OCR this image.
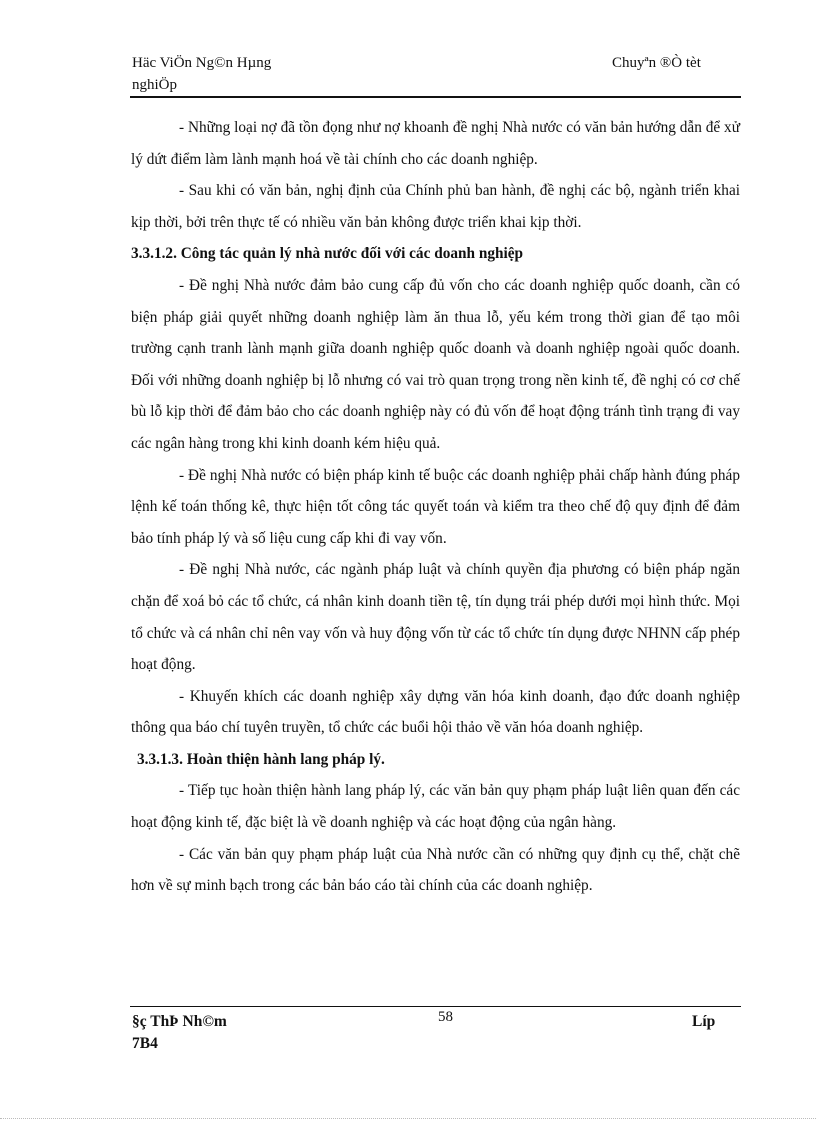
Häc ViÖn Ng©n Hµng
nghiÖp
Chuyªn ®Ò tèt

- Những loại nợ đã tồn đọng như nợ khoanh đề nghị Nhà nước có văn bản hướng dẫn để xử lý dứt điểm làm lành mạnh hoá về tài chính cho các doanh nghiệp.

- Sau khi có văn bản, nghị định của Chính phủ ban hành, đề nghị các bộ, ngành triển khai kịp thời, bởi trên thực tế có nhiều văn bản không được triển khai kịp thời.

3.3.1.2. Công tác quản lý nhà nước đối với các doanh nghiệp

- Đề nghị Nhà nước đảm bảo cung cấp đủ vốn cho các doanh nghiệp quốc doanh, cần có biện pháp giải quyết những doanh nghiệp làm ăn thua lỗ, yếu kém trong thời gian để tạo môi trường cạnh tranh lành mạnh giữa doanh nghiệp quốc doanh và doanh nghiệp ngoài quốc doanh. Đối với những doanh nghiệp bị lỗ nhưng có vai trò quan trọng trong nền kinh tế, đề nghị có cơ chế bù lỗ kịp thời để đảm bảo cho các doanh nghiệp này có đủ vốn để hoạt động tránh tình trạng đi vay các ngân hàng trong khi kinh doanh kém hiệu quả.

- Đề nghị Nhà nước có biện pháp kinh tế buộc các doanh nghiệp phải chấp hành đúng pháp lệnh kế toán thống kê, thực hiện tốt công tác quyết toán và kiểm tra theo chế độ quy định để đảm bảo tính pháp lý và số liệu cung cấp khi đi vay vốn.

- Đề nghị Nhà nước, các ngành pháp luật và chính quyền địa phương có biện pháp ngăn chặn để xoá bỏ các tổ chức, cá nhân kinh doanh tiền tệ, tín dụng trái phép dưới mọi hình thức. Mọi tổ chức và cá nhân chỉ nên vay vốn và huy động vốn từ các tổ chức tín dụng được NHNN cấp phép hoạt động.

- Khuyến khích các doanh nghiệp xây dựng văn hóa kinh doanh, đạo đức doanh nghiệp thông qua báo chí tuyên truyền, tổ chức các buổi hội thảo về văn hóa doanh nghiệp.

3.3.1.3. Hoàn thiện hành lang pháp lý.

- Tiếp tục hoàn thiện hành lang pháp lý, các văn bản quy phạm pháp luật liên quan đến các hoạt động kinh tế, đặc biệt là về doanh nghiệp và các hoạt động của ngân hàng.

- Các văn bản quy phạm pháp luật của Nhà nước cần có những quy định cụ thể, chặt chẽ hơn về sự minh bạch trong các bản báo cáo tài chính của các doanh nghiệp.

§ç ThÞ Nh©m
7B4
58	Líp
